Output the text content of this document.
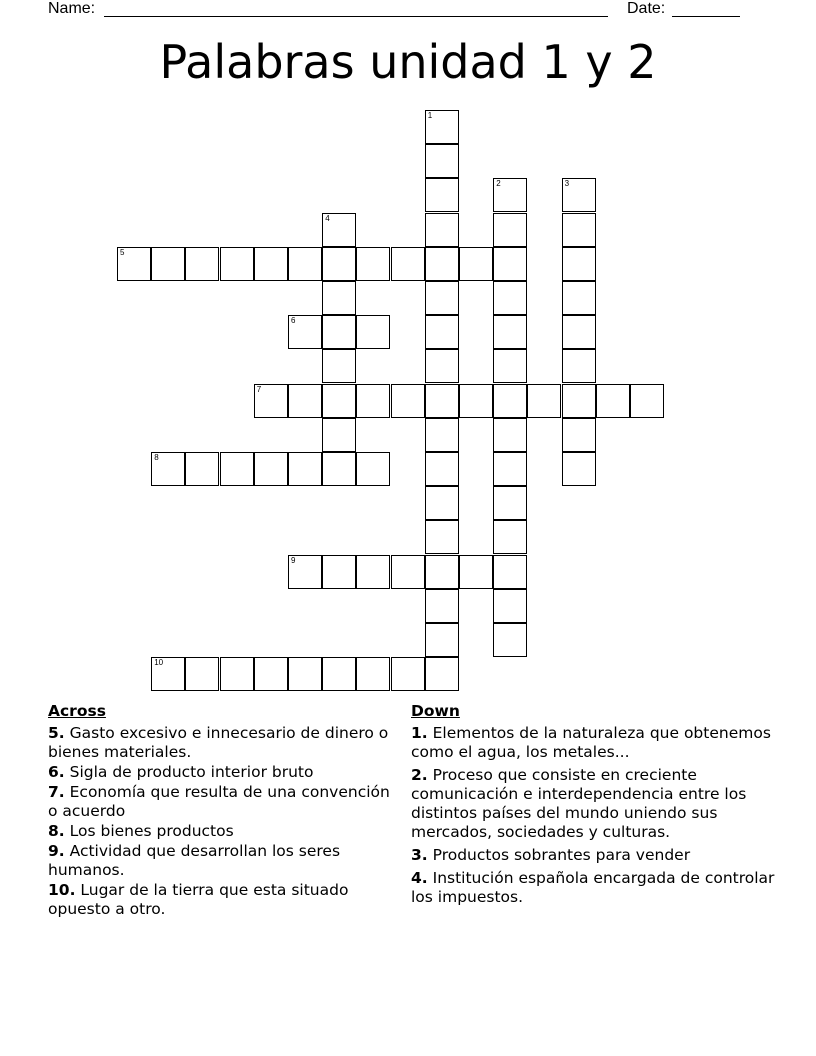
Name:	Date:
Palabras unidad 1 y 2
1
2	3
4
5
6
7
8
9
10
Across
5. Gasto excesivo e innecesario de dinero o bienes materiales.
6. Sigla de producto interior bruto
7. Economía que resulta de una convención o acuerdo
8. Los bienes productos
9. Actividad que desarrollan los seres humanos.
10. Lugar de la tierra que esta situado opuesto a otro.
Down
1. Elementos de la naturaleza que obtenemos como el agua, los metales...
2. Proceso que consiste en creciente comunicación e interdependencia entre los distintos países del mundo uniendo sus mercados, sociedades y culturas.
3. Productos sobrantes para vender
4. Institución española encargada de controlar los impuestos.
